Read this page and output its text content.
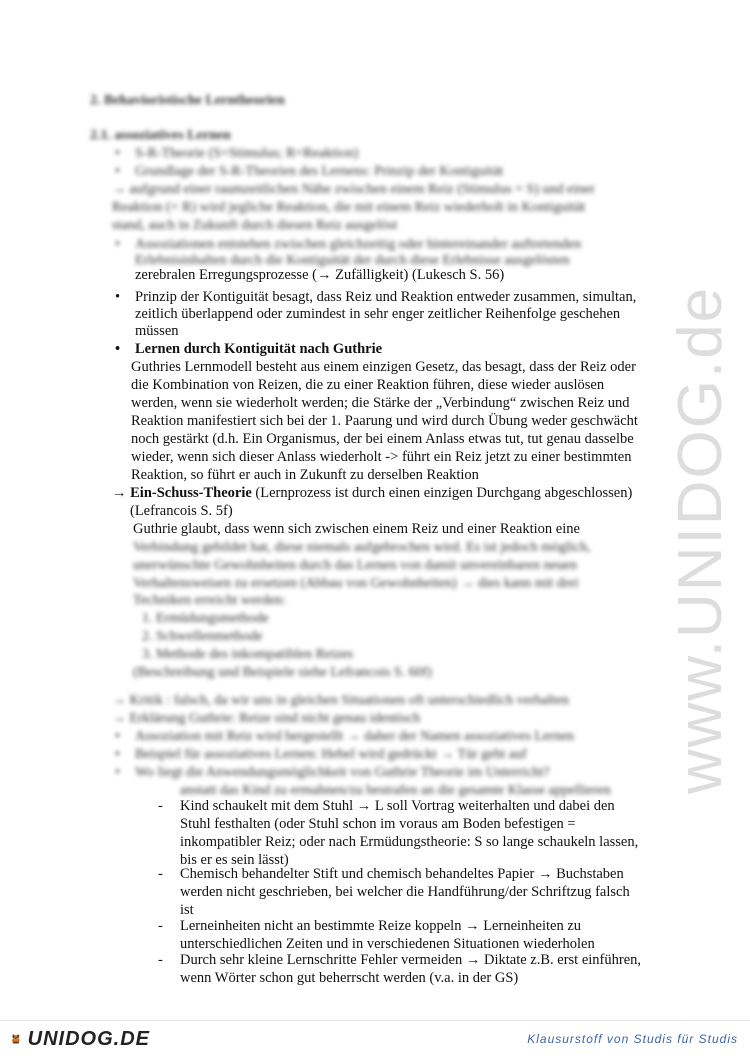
2. Behavioristische Lerntheorien
2.1. assoziatives Lernen
• S-R-Theorie (S=Stimulus; R=Reaktion)
• Grundlage der S-R-Theorien des Lernens: Prinzip der Kontiguität
→ aufgrund einer raumzeitlichen Nähe zwischen einem Reiz (Stimulus = S) und einer
Reaktion (= R) wird jegliche Reaktion, die mit einem Reiz wiederholt in Kontiguität
stand, auch in Zukunft durch diesen Reiz ausgelöst
• Assoziationen entstehen zwischen gleichzeitig oder hintereinander auftretenden
Erlebnisinhalten durch die Kontiguität der durch diese Erlebnisse ausgelösten
zerebralen Erregungsprozesse (→ Zufälligkeit) (Lukesch S. 56)
• Prinzip der Kontiguität besagt, dass Reiz und Reaktion entweder zusammen, simultan,
zeitlich überlappend oder zumindest in sehr enger zeitlicher Reihenfolge geschehen
müssen
• Lernen durch Kontiguität nach Guthrie
Guthries Lernmodell besteht aus einem einzigen Gesetz, das besagt, dass der Reiz oder
die Kombination von Reizen, die zu einer Reaktion führen, diese wieder auslösen
werden, wenn sie wiederholt werden; die Stärke der „Verbindung“ zwischen Reiz und
Reaktion manifestiert sich bei der 1. Paarung und wird durch Übung weder geschwächt
noch gestärkt (d.h. Ein Organismus, der bei einem Anlass etwas tut, tut genau dasselbe
wieder, wenn sich dieser Anlass wiederholt -> führt ein Reiz jetzt zu einer bestimmten
Reaktion, so führt er auch in Zukunft zu derselben Reaktion
→ Ein-Schuss-Theorie (Lernprozess ist durch einen einzigen Durchgang abgeschlossen)
(Lefrancois S. 5f)
Guthrie glaubt, dass wenn sich zwischen einem Reiz und einer Reaktion eine
Verbindung gebildet hat, diese niemals aufgebrochen wird. Es ist jedoch möglich,
unerwünschte Gewohnheiten durch das Lernen von damit unvereinbaren neuen
Verhaltensweisen zu ersetzen (Abbau von Gewohnheiten) → dies kann mit drei
Techniken erreicht werden:
1. Ermüdungsmethode
2. Schwellenmethode
3. Methode des inkompatiblen Reizes
(Beschreibung und Beispiele siehe Lefrancois S. 60f)
→ Kritik : falsch, da wir uns in gleichen Situationen oft unterschiedlich verhalten
→ Erklärung Guthrie: Reize sind nicht genau identisch
• Assoziation mit Reiz wird hergestellt → daher der Namen assoziatives Lernen
• Beispiel für assoziatives Lernen: Hebel wird gedrückt → Tür geht auf
• Wo liegt die Anwendungsmöglichkeit von Guthrie Theorie im Unterricht?
anstatt das Kind zu ermahnen/zu bestrafen an die gesamte Klasse appellieren
- Kind schaukelt mit dem Stuhl → L soll Vortrag weiterhalten und dabei den
Stuhl festhalten (oder Stuhl schon im voraus am Boden befestigen =
inkompatibler Reiz; oder nach Ermüdungstheorie: S so lange schaukeln lassen,
bis er es sein lässt)
- Chemisch behandelter Stift und chemisch behandeltes Papier → Buchstaben
werden nicht geschrieben, bei welcher die Handführung/der Schriftzug falsch
ist
- Lerneinheiten nicht an bestimmte Reize koppeln → Lerneinheiten zu
unterschiedlichen Zeiten und in verschiedenen Situationen wiederholen
- Durch sehr kleine Lernschritte Fehler vermeiden → Diktate z.B. erst einführen,
wenn Wörter schon gut beherrscht werden (v.a. in der GS)
www.UNIDOG.de
UNIDOG.DE	Klausurstoff von Studis für Studis
